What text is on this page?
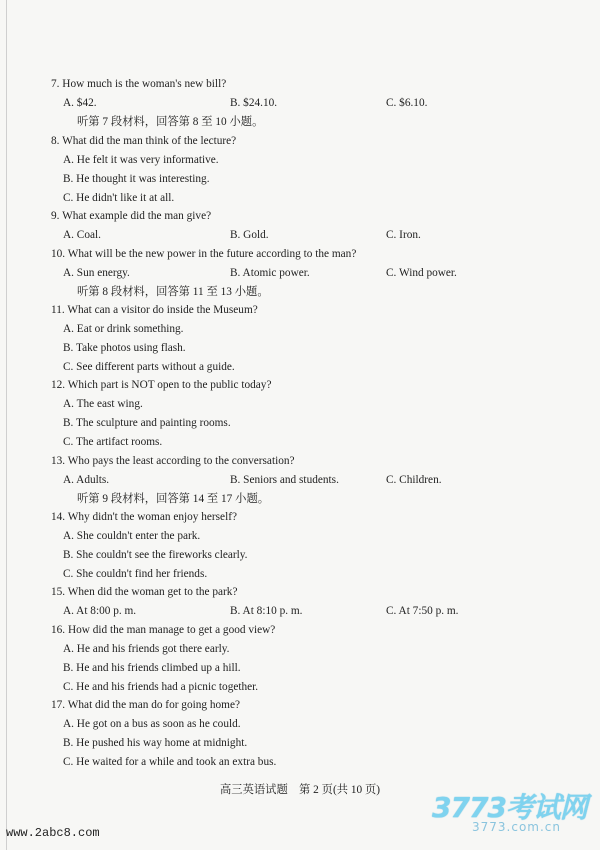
7. How much is the woman's new bill?
A. $42.	B. $24.10.	C. $6.10.
听第 7 段材料，回答第 8 至 10 小题。
8. What did the man think of the lecture?
A. He felt it was very informative.
B. He thought it was interesting.
C. He didn't like it at all.
9. What example did the man give?
A. Coal.	B. Gold.	C. Iron.
10. What will be the new power in the future according to the man?
A. Sun energy.	B. Atomic power.	C. Wind power.
听第 8 段材料，回答第 11 至 13 小题。
11. What can a visitor do inside the Museum?
A. Eat or drink something.
B. Take photos using flash.
C. See different parts without a guide.
12. Which part is NOT open to the public today?
A. The east wing.
B. The sculpture and painting rooms.
C. The artifact rooms.
13. Who pays the least according to the conversation?
A. Adults.	B. Seniors and students.	C. Children.
听第 9 段材料，回答第 14 至 17 小题。
14. Why didn't the woman enjoy herself?
A. She couldn't enter the park.
B. She couldn't see the fireworks clearly.
C. She couldn't find her friends.
15. When did the woman get to the park?
A. At 8:00 p. m.	B. At 8:10 p. m.	C. At 7:50 p. m.
16. How did the man manage to get a good view?
A. He and his friends got there early.
B. He and his friends climbed up a hill.
C. He and his friends had a picnic together.
17. What did the man do for going home?
A. He got on a bus as soon as he could.
B. He pushed his way home at midnight.
C. He waited for a while and took an extra bus.
高三英语试题　第 2 页(共 10 页)
www.2abc8.com
3773考试网
3773.com.cn
